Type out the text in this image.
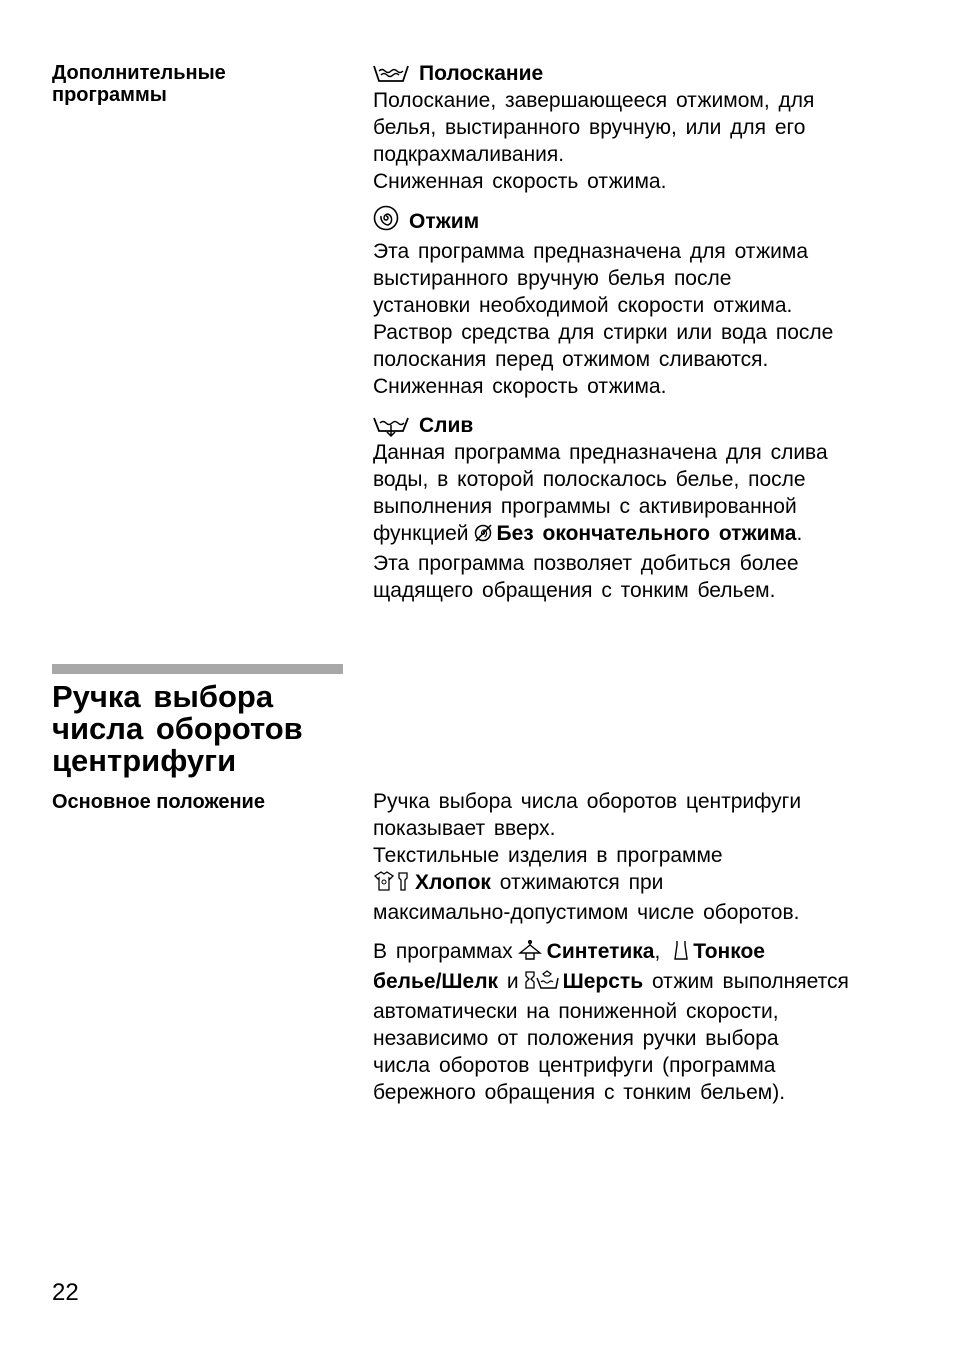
Дополнительные программы
Ручка выбора числа оборотов центрифуги
Основное положение
Полоскание

Полоскание, завершающееся отжимом, для

белья, выстиранного вручную, или для его

подкрахмаливания.

Сниженная скорость отжима.

Отжим

Эта программа предназначена для отжима

выстиранного вручную белья после

установки необходимой скорости отжима.

Раствор средства для стирки или вода после

полоскания перед отжимом сливаются.

Сниженная скорость отжима.

Слив

Данная программа предназначена для слива

воды, в которой полоскалось белье, после

выполнения программы с активированной

функцией Без окончательного отжима.

Эта программа позволяет добиться более

щадящего обращения с тонким бельем.

Ручка выбора числа оборотов центрифуги

показывает вверх.

Текстильные изделия в программе

Хлопок отжимаются при

максимально-допустимом числе оборотов.

В программах Синтетика, Тонкое

белье/Шелк и Шерсть отжим выполняется

автоматически на пониженной скорости,

независимо от положения ручки выбора

числа оборотов центрифуги (программа

бережного обращения с тонким бельем).

22
